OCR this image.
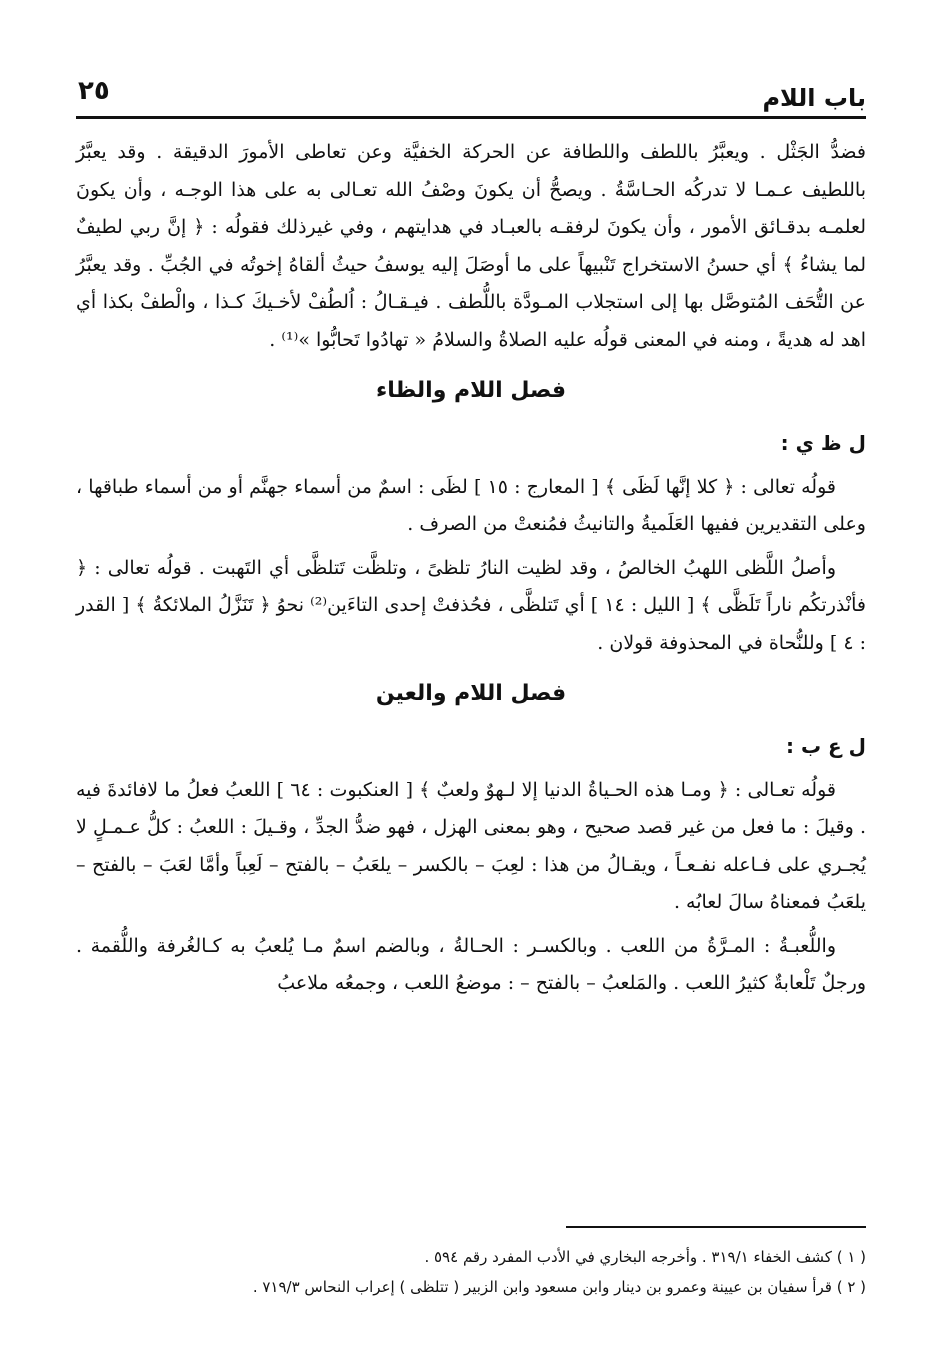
باب اللام
٢٥

فضدُّ الجَثْل . ويعبَّرُ باللطف واللطافة عن الحركة الخفيَّة وعن تعاطى الأمورَ الدقيقة . وقد يعبَّرُ باللطيف عـمـا لا تدركُه الحـاسَّةُ . ويصحُّ أن يكونَ وصْفُ الله تعـالى به على هذا الوجـه ، وأن يكونَ لعلمـه بدقـائق الأمور ، وأن يكونَ لرفقـه بالعبـاد في هدايتهم ، وفي غيرذلك فقولُه : ﴿ إنَّ ربي لطيفٌ لما يشاءُ ﴾ أي حسنُ الاستخراج تَنْبيهاً على ما أوصَلَ إليه يوسفُ حيثُ ألقاهُ إخوتُه في الجُبِّ . وقد يعبَّرُ عن التُّحَف المُتوصَّل بها إلى استجلاب المـودَّة باللُّطف . فيـقـالُ : اُلطُفْ لأخـيكَ كـذا ، والْطفْ بكذا أي اهد له هديةً ، ومنه في المعنى قولُه عليه الصلاةُ والسلامُ « تهادُوا تَحابُّوا »⁽¹⁾ .

فصل اللام والظاء

ل ظ ي :

قولُه تعالى : ﴿ كلا إنَّها لَظَى ﴾ [ المعارج : ١٥ ] لظَى : اسمٌ من أسماء جهنَّم أو من أسماء طباقها ، وعلى التقديرين ففيها العَلَميةُ والتانيثُ فمُنعتْ من الصرف .

وأصلُ اللَّظى اللهبُ الخالصُ ، وقد لظيت النارُ تلظىً ، وتلظَّت تَتلظَّى أي التَهبت . قولُه تعالى : ﴿ فأنْذرتكُم ناراً تَلَظَّى ﴾ [ الليل : ١٤ ] أي تَتلظَّى ، فحُذفتْ إحدى التاءَين⁽²⁾ نحوُ ﴿ تَنَزَّلُ الملائكةُ ﴾ [ القدر : ٤ ] وللنُّحاة في المحذوفة قولان .

فصل اللام والعين

ل ع ب :

قولُه تعـالى : ﴿ ومـا هذه الحـياةُ الدنيا إلا لـهوٌ ولعبٌ ﴾ [ العنكبوت : ٦٤ ] اللعبُ فعلُ ما لافائدةَ فيه . وقيلَ : ما فعل من غير قصد صحيح ، وهو بمعنى الهزل ، فهو ضدُّ الجدِّ ، وقـيلَ : اللعبُ : كلُّ عـمـلٍ لا يُجـري على فـاعله نفـعـاً ، ويقـالُ من هذا : لعِبَ – بالكسر – يلعَبُ – بالفتح – لَعِباً وأمَّا لعَبَ – بالفتح – يلعَبُ فمعناهُ سالَ لعابُه .

واللُّعبـةُ : المـرَّةُ من اللعب . وبالكسـر : الحـالةُ ، وبالضم اسمٌ مـا يُلعبُ به كـالغُرفة واللُّقمة . ورجلٌ تَلْعابةٌ كثيرُ اللعب . والمَلعبُ – بالفتح – : موضعُ اللعب ، وجمعُه ملاعبُ

( ١ ) كشف الخفاء ٣١٩/١ . وأخرجه البخاري في الأدب المفرد رقم ٥٩٤ .

( ٢ ) قرأ سفيان بن عيينة وعمرو بن دينار وابن مسعود وابن الزبير ( تتلظى ) إعراب النحاس ٧١٩/٣ .
